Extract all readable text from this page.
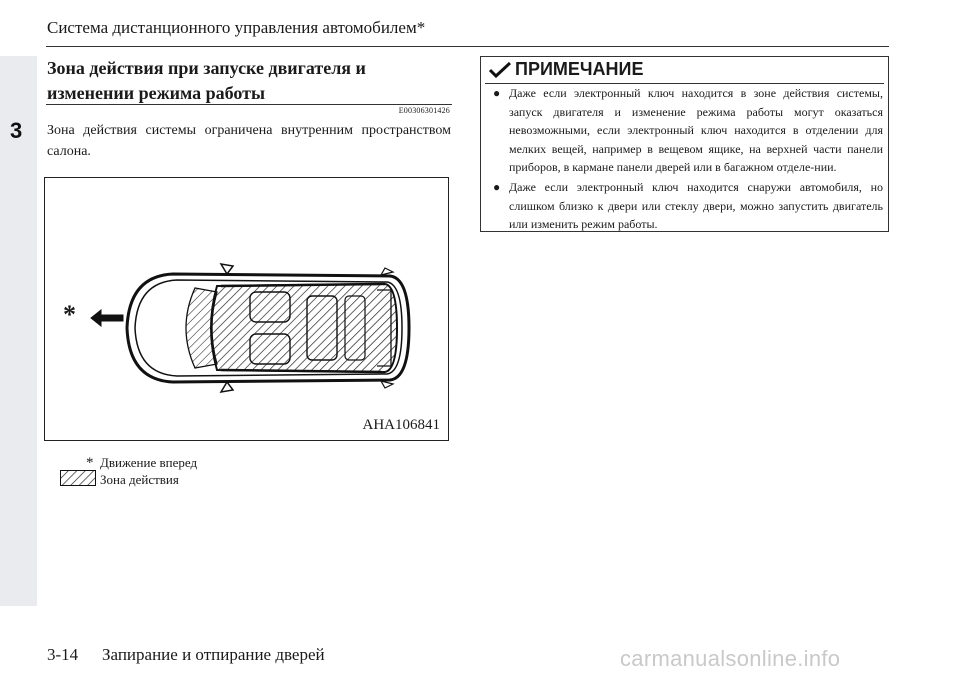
3
Система дистанционного управления автомобилем*
Зона действия при запуске двигателя и изменении режима работы
E00306301426
Зона действия системы ограничена внутренним пространством салона.
*
AHA106841
* Движение вперед
Зона действия
ПРИМЕЧАНИЕ
● Даже если электронный ключ находится в зоне действия системы, запуск двигателя и изменение режима работы могут оказаться невозможными, если электронный ключ находится в отделении для мелких вещей, например в вещевом ящике, на верхней части панели приборов, в кармане панели дверей или в багажном отделе-нии.
● Даже если электронный ключ находится снаружи автомобиля, но слишком близко к двери или стеклу двери, можно запустить двигатель или изменить режим работы.
3-14 Запирание и отпирание дверей	carmanualsonline.info
